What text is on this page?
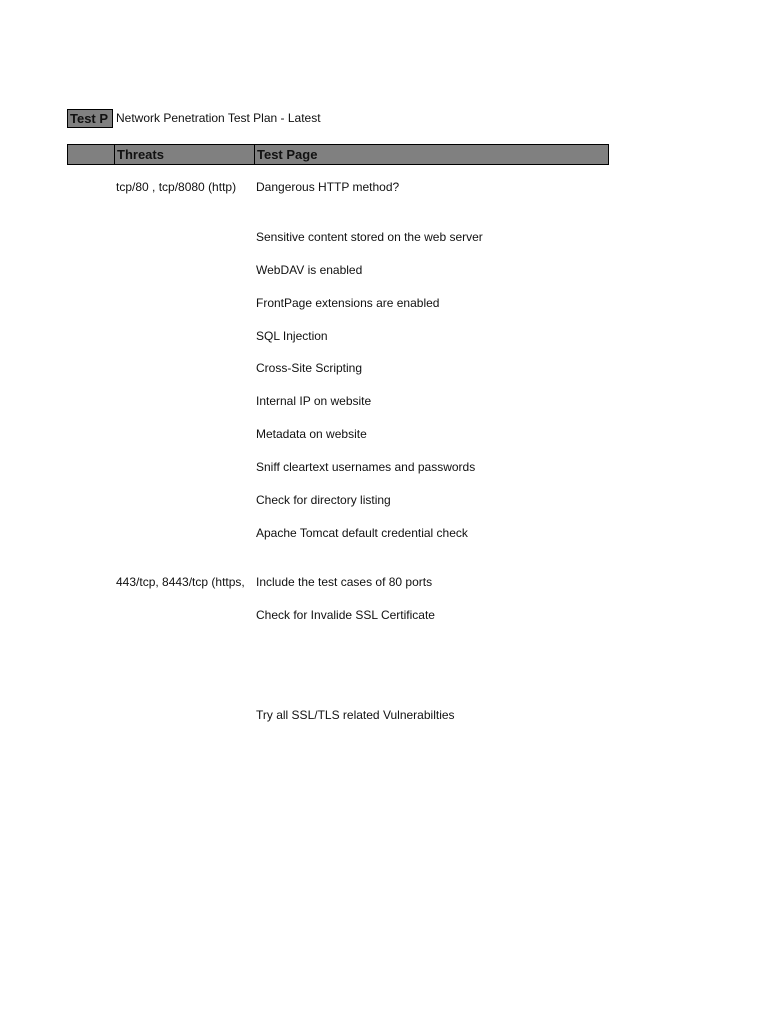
Test P Network Penetration Test Plan - Latest
Threats	Test Page
tcp/80 , tcp/8080 (http)	Dangerous HTTP method?
Sensitive content stored on the web server
WebDAV is enabled
FrontPage extensions are enabled
SQL Injection
Cross-Site Scripting
Internal IP on website
Metadata on website
Sniff cleartext usernames and passwords
Check for directory listing
Apache Tomcat default credential check
443/tcp, 8443/tcp (https, Include the test cases of 80 ports
Check for Invalide SSL Certificate
Try all SSL/TLS related Vulnerabilties
